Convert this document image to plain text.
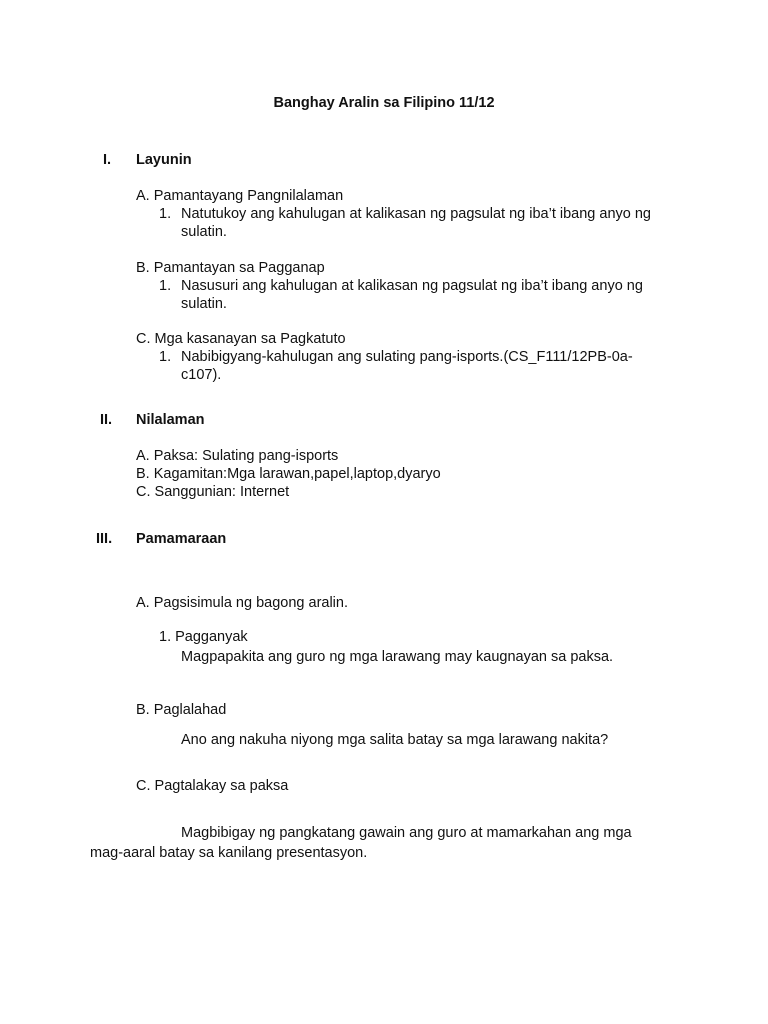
Banghay Aralin sa Filipino 11/12
I. Layunin
A. Pamantayang Pangnilalaman
1. Natutukoy ang kahulugan at kalikasan ng pagsulat ng iba’t ibang anyo ng
sulatin.
B. Pamantayan sa Pagganap
1. Nasusuri ang kahulugan at kalikasan ng pagsulat ng iba’t ibang anyo ng
sulatin.
C. Mga kasanayan sa Pagkatuto
1. Nabibigyang-kahulugan ang sulating pang-isports.(CS_F111/12PB-0a-
c107).
II. Nilalaman
A. Paksa: Sulating pang-isports
B. Kagamitan:Mga larawan,papel,laptop,dyaryo
C. Sanggunian: Internet
III. Pamamaraan
A. Pagsisimula ng bagong aralin.
1. Pagganyak
Magpapakita ang guro ng mga larawang may kaugnayan sa paksa.
B. Paglalahad
Ano ang nakuha niyong mga salita batay sa mga larawang nakita?
C. Pagtalakay sa paksa
Magbibigay ng pangkatang gawain ang guro at mamarkahan ang mga
mag-aaral batay sa kanilang presentasyon.
